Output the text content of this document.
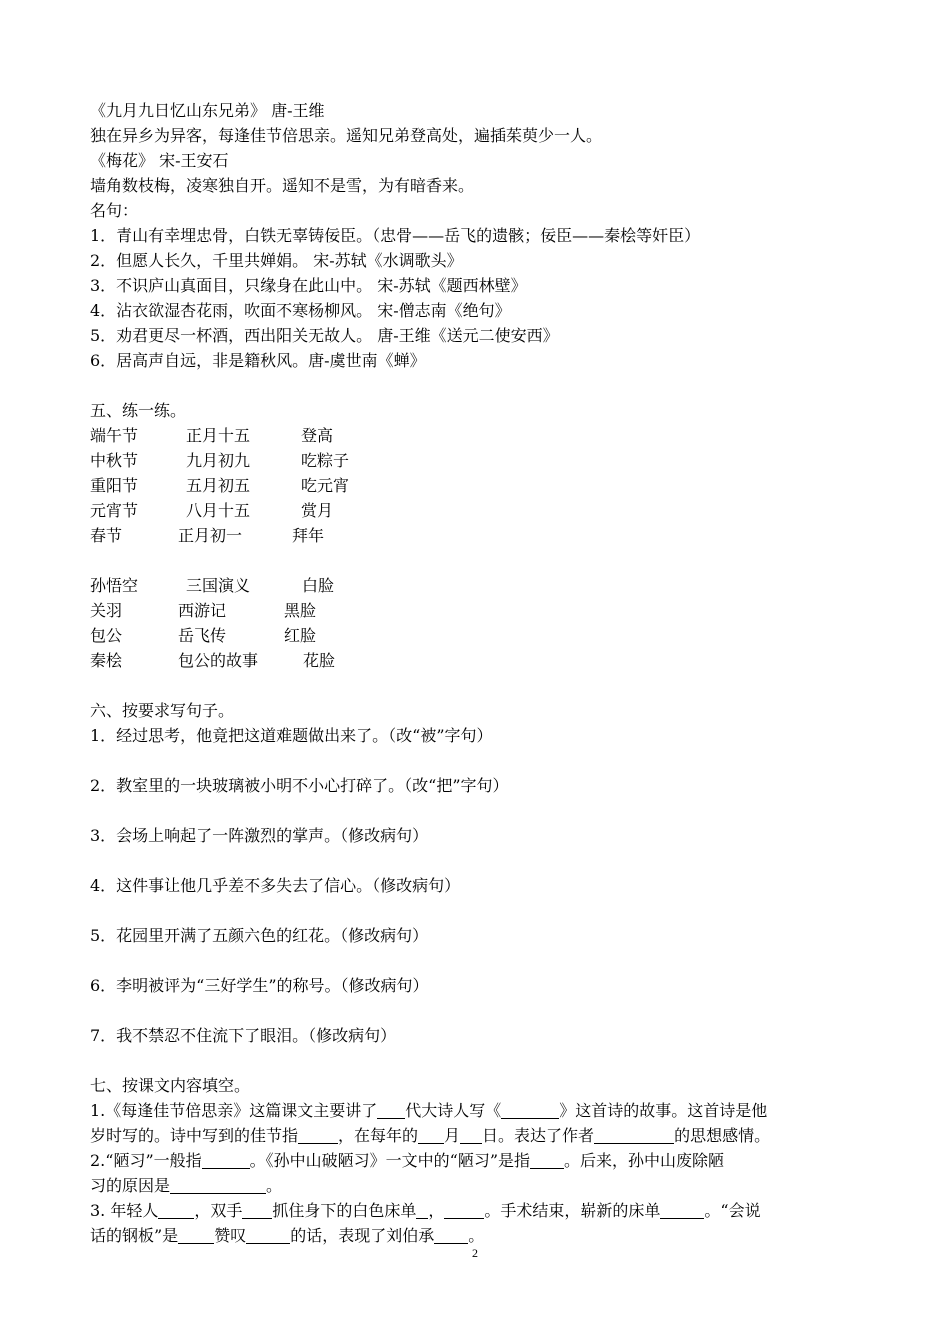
《九月九日忆山东兄弟》 唐-王维
独在异乡为异客，每逢佳节倍思亲。遥知兄弟登高处，遍插茱萸少一人。
《梅花》 宋-王安石
墙角数枝梅，凌寒独自开。遥知不是雪，为有暗香来。
名句：
1．青山有幸埋忠骨，白铁无辜铸佞臣。（忠骨——岳飞的遗骸；佞臣——秦桧等奸臣）
2．但愿人长久，千里共婵娟。 宋-苏轼《水调歌头》
3．不识庐山真面目，只缘身在此山中。 宋-苏轼《题西林壁》
4．沾衣欲湿杏花雨，吹面不寒杨柳风。 宋-僧志南《绝句》
5．劝君更尽一杯酒，西出阳关无故人。 唐-王维《送元二使安西》
6．居高声自远，非是籍秋风。唐-虞世南《蝉》
五、练一练。
端午节	正月十五	登高
中秋节	九月初九	吃粽子
重阳节	五月初五	吃元宵
元宵节	八月十五	赏月
春节	正月初一	拜年
孙悟空	三国演义	白脸
关羽	西游记	黑脸
包公	岳飞传	红脸
秦桧	包公的故事	花脸
六、按要求写句子。
1．经过思考，他竟把这道难题做出来了。（改“被”字句）
2．教室里的一块玻璃被小明不小心打碎了。（改“把”字句）
3．会场上响起了一阵激烈的掌声。（修改病句）
4．这件事让他几乎差不多失去了信心。（修改病句）
5．花园里开满了五颜六色的红花。（修改病句）
6．李明被评为“三好学生”的称号。（修改病句）
7．我不禁忍不住流下了眼泪。（修改病句）
七、按课文内容填空。
1.《每逢佳节倍思亲》这篇课文主要讲了 代大诗人写《	》这首诗的故事。这首诗是他
岁时写的。诗中写到的佳节指	，在每年的 月 日。表达了作者	的思想感情。
2.“陋习”一般指	。《孙中山破陋习》一文中的“陋习”是指 。后来，孙中山废除陋
习的原因是	。
3. 年轻人 ，双手 抓住身下的白色床单 ，	。手术结束，崭新的床单	。“会说
话的钢板”是 赞叹	的话，表现了刘伯承 。
2
